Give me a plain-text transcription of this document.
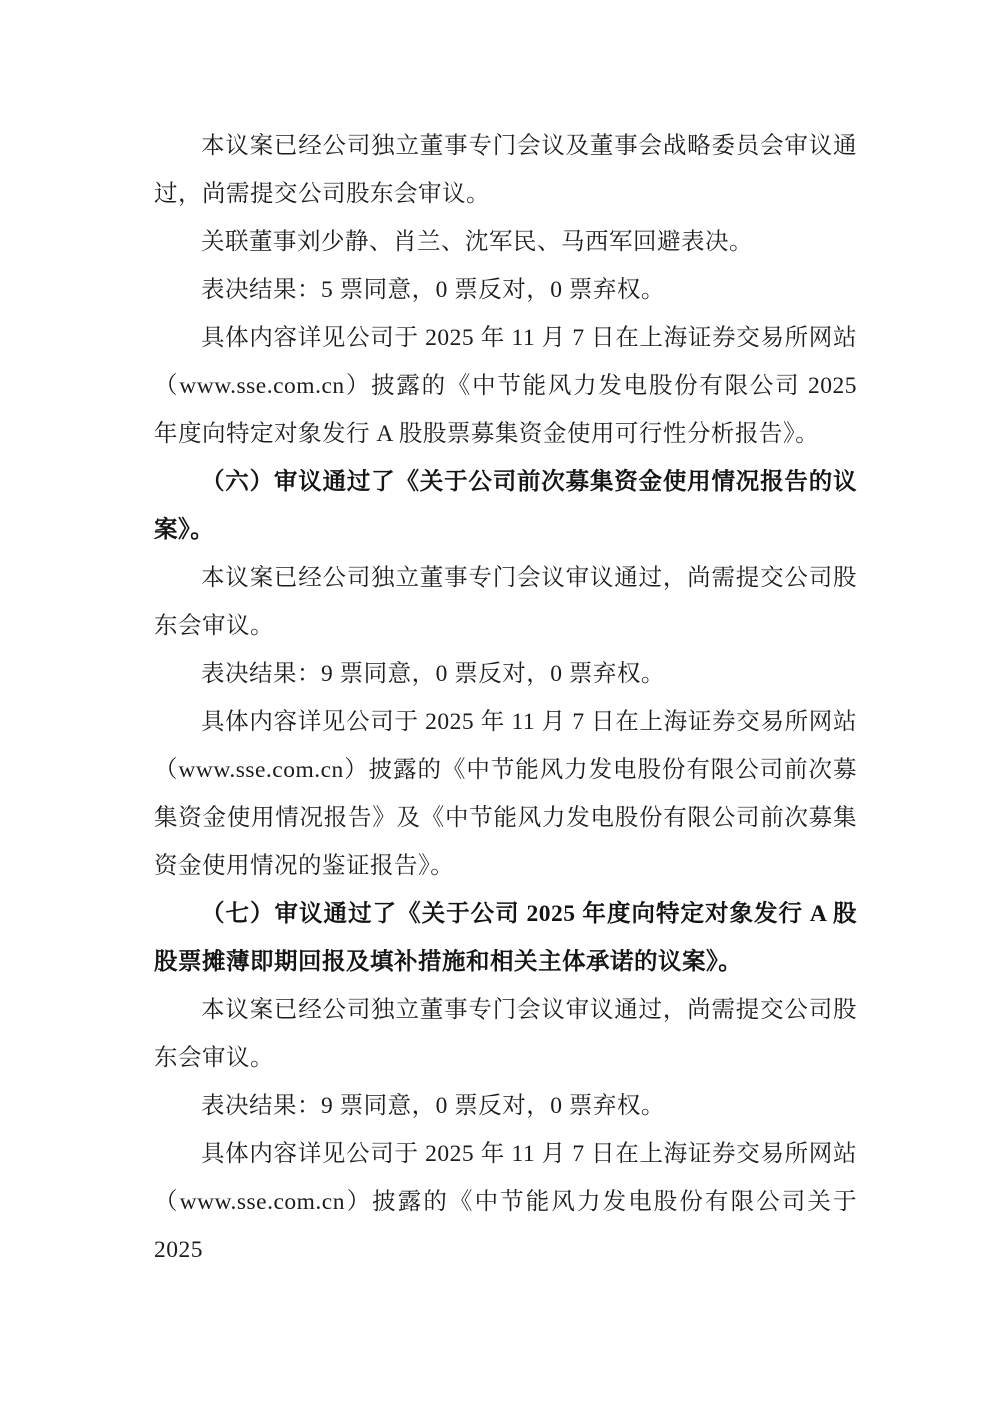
本议案已经公司独立董事专门会议及董事会战略委员会审议通过，尚需提交公司股东会审议。

关联董事刘少静、肖兰、沈军民、马西军回避表决。

表决结果：5 票同意，0 票反对，0 票弃权。

具体内容详见公司于 2025 年 11 月 7 日在上海证券交易所网站（www.sse.com.cn）披露的《中节能风力发电股份有限公司 2025 年度向特定对象发行 A 股股票募集资金使用可行性分析报告》。

（六）审议通过了《关于公司前次募集资金使用情况报告的议案》。

本议案已经公司独立董事专门会议审议通过，尚需提交公司股东会审议。

表决结果：9 票同意，0 票反对，0 票弃权。

具体内容详见公司于 2025 年 11 月 7 日在上海证券交易所网站（www.sse.com.cn）披露的《中节能风力发电股份有限公司前次募集资金使用情况报告》及《中节能风力发电股份有限公司前次募集资金使用情况的鉴证报告》。

（七）审议通过了《关于公司 2025 年度向特定对象发行 A 股股票摊薄即期回报及填补措施和相关主体承诺的议案》。

本议案已经公司独立董事专门会议审议通过，尚需提交公司股东会审议。

表决结果：9 票同意，0 票反对，0 票弃权。

具体内容详见公司于 2025 年 11 月 7 日在上海证券交易所网站（www.sse.com.cn）披露的《中节能风力发电股份有限公司关于 2025
